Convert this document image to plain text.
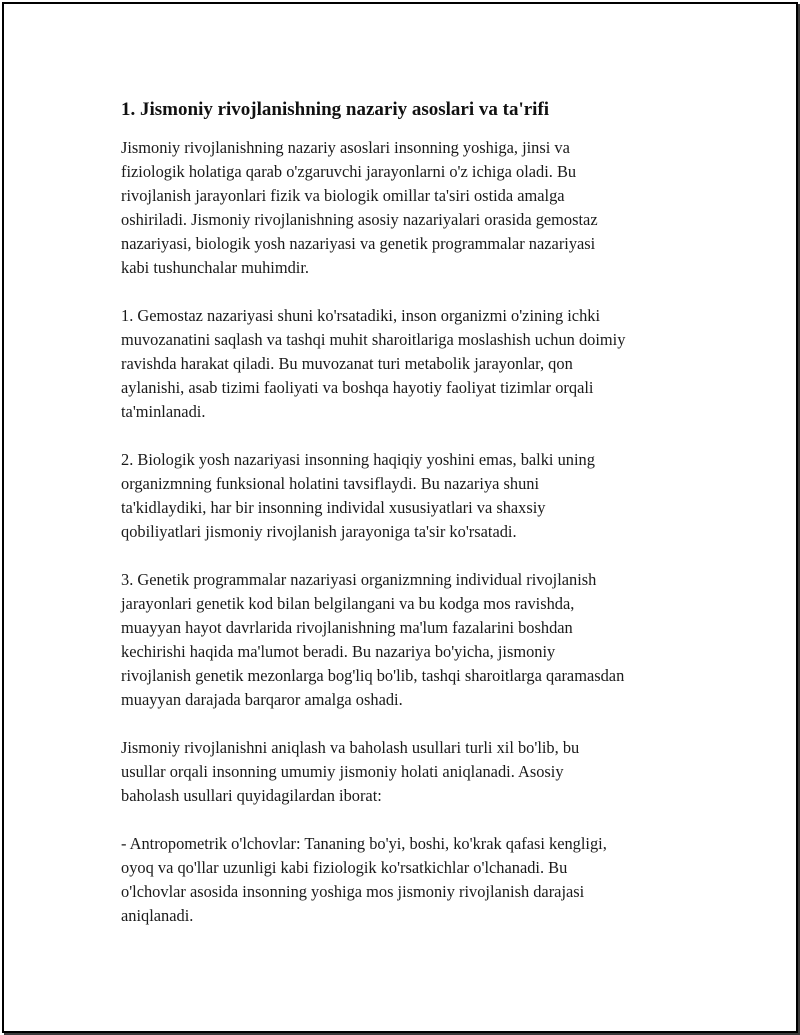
1. Jismoniy rivojlanishning nazariy asoslari va ta'rifi

Jismoniy rivojlanishning nazariy asoslari insonning yoshiga, jinsi va
fiziologik holatiga qarab o'zgaruvchi jarayonlarni o'z ichiga oladi. Bu
rivojlanish jarayonlari fizik va biologik omillar ta'siri ostida amalga
oshiriladi. Jismoniy rivojlanishning asosiy nazariyalari orasida gemostaz
nazariyasi, biologik yosh nazariyasi va genetik programmalar nazariyasi
kabi tushunchalar muhimdir.

1. Gemostaz nazariyasi shuni ko'rsatadiki, inson organizmi o'zining ichki
muvozanatini saqlash va tashqi muhit sharoitlariga moslashish uchun doimiy
ravishda harakat qiladi. Bu muvozanat turi metabolik jarayonlar, qon
aylanishi, asab tizimi faoliyati va boshqa hayotiy faoliyat tizimlar orqali
ta'minlanadi.

2. Biologik yosh nazariyasi insonning haqiqiy yoshini emas, balki uning
organizmning funksional holatini tavsiflaydi. Bu nazariya shuni
ta'kidlaydiki, har bir insonning individal xususiyatlari va shaxsiy
qobiliyatlari jismoniy rivojlanish jarayoniga ta'sir ko'rsatadi.

3. Genetik programmalar nazariyasi organizmning individual rivojlanish
jarayonlari genetik kod bilan belgilangani va bu kodga mos ravishda,
muayyan hayot davrlarida rivojlanishning ma'lum fazalarini boshdan
kechirishi haqida ma'lumot beradi. Bu nazariya bo'yicha, jismoniy
rivojlanish genetik mezonlarga bog'liq bo'lib, tashqi sharoitlarga qaramasdan
muayyan darajada barqaror amalga oshadi.

Jismoniy rivojlanishni aniqlash va baholash usullari turli xil bo'lib, bu
usullar orqali insonning umumiy jismoniy holati aniqlanadi. Asosiy
baholash usullari quyidagilardan iborat:

- Antropometrik o'lchovlar: Tananing bo'yi, boshi, ko'krak qafasi kengligi,
oyoq va qo'llar uzunligi kabi fiziologik ko'rsatkichlar o'lchanadi. Bu
o'lchovlar asosida insonning yoshiga mos jismoniy rivojlanish darajasi
aniqlanadi.
